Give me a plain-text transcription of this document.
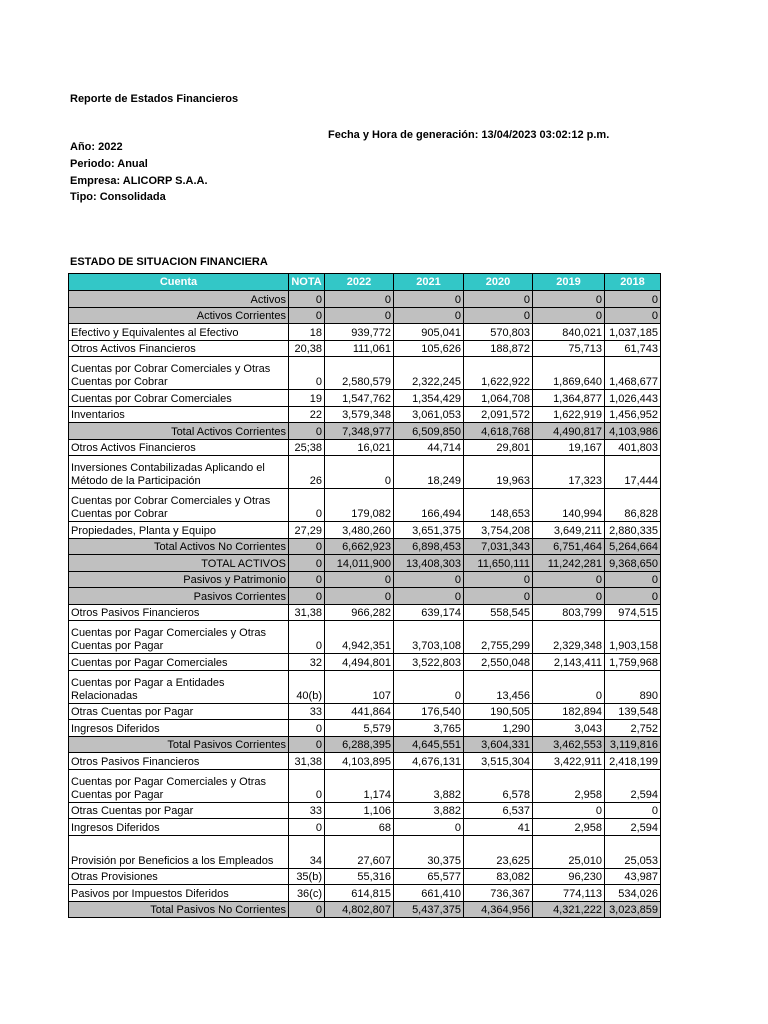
Reporte de Estados Financieros
Fecha y Hora de generación: 13/04/2023 03:02:12 p.m.
Año: 2022
Periodo: Anual
Empresa: ALICORP S.A.A.
Tipo: Consolidada
ESTADO DE SITUACION FINANCIERA
Cuenta	NOTA	2022	2021	2020	2019	2018
Activos	0	0	0	0	0	0
Activos Corrientes	0	0	0	0	0	0
Efectivo y Equivalentes al Efectivo	18	939,772	905,041	570,803	840,021	1,037,185
Otros Activos Financieros	20,38	111,061	105,626	188,872	75,713	61,743
Cuentas por Cobrar Comerciales y Otras Cuentas por Cobrar	0	2,580,579	2,322,245	1,622,922	1,869,640	1,468,677
Cuentas por Cobrar Comerciales	19	1,547,762	1,354,429	1,064,708	1,364,877	1,026,443
Inventarios	22	3,579,348	3,061,053	2,091,572	1,622,919	1,456,952
Total Activos Corrientes	0	7,348,977	6,509,850	4,618,768	4,490,817	4,103,986
Otros Activos Financieros	25;38	16,021	44,714	29,801	19,167	401,803
Inversiones Contabilizadas Aplicando el Método de la Participación	26	0	18,249	19,963	17,323	17,444
Cuentas por Cobrar Comerciales y Otras Cuentas por Cobrar	0	179,082	166,494	148,653	140,994	86,828
Propiedades, Planta y Equipo	27,29	3,480,260	3,651,375	3,754,208	3,649,211	2,880,335
Total Activos No Corrientes	0	6,662,923	6,898,453	7,031,343	6,751,464	5,264,664
TOTAL ACTIVOS	0	14,011,900	13,408,303	11,650,111	11,242,281	9,368,650
Pasivos y Patrimonio	0	0	0	0	0	0
Pasivos Corrientes	0	0	0	0	0	0
Otros Pasivos Financieros	31,38	966,282	639,174	558,545	803,799	974,515
Cuentas por Pagar Comerciales y Otras Cuentas por Pagar	0	4,942,351	3,703,108	2,755,299	2,329,348	1,903,158
Cuentas por Pagar Comerciales	32	4,494,801	3,522,803	2,550,048	2,143,411	1,759,968
Cuentas por Pagar a Entidades Relacionadas	40(b)	107	0	13,456	0	890
Otras Cuentas por Pagar	33	441,864	176,540	190,505	182,894	139,548
Ingresos Diferidos	0	5,579	3,765	1,290	3,043	2,752
Total Pasivos Corrientes	0	6,288,395	4,645,551	3,604,331	3,462,553	3,119,816
Otros Pasivos Financieros	31,38	4,103,895	4,676,131	3,515,304	3,422,911	2,418,199
Cuentas por Pagar Comerciales y Otras Cuentas por Pagar	0	1,174	3,882	6,578	2,958	2,594
Otras Cuentas por Pagar	33	1,106	3,882	6,537	0	0
Ingresos Diferidos	0	68	0	41	2,958	2,594
Provisión por Beneficios a los Empleados	34	27,607	30,375	23,625	25,010	25,053
Otras Provisiones	35(b)	55,316	65,577	83,082	96,230	43,987
Pasivos por Impuestos Diferidos	36(c)	614,815	661,410	736,367	774,113	534,026
Total Pasivos No Corrientes	0	4,802,807	5,437,375	4,364,956	4,321,222	3,023,859
